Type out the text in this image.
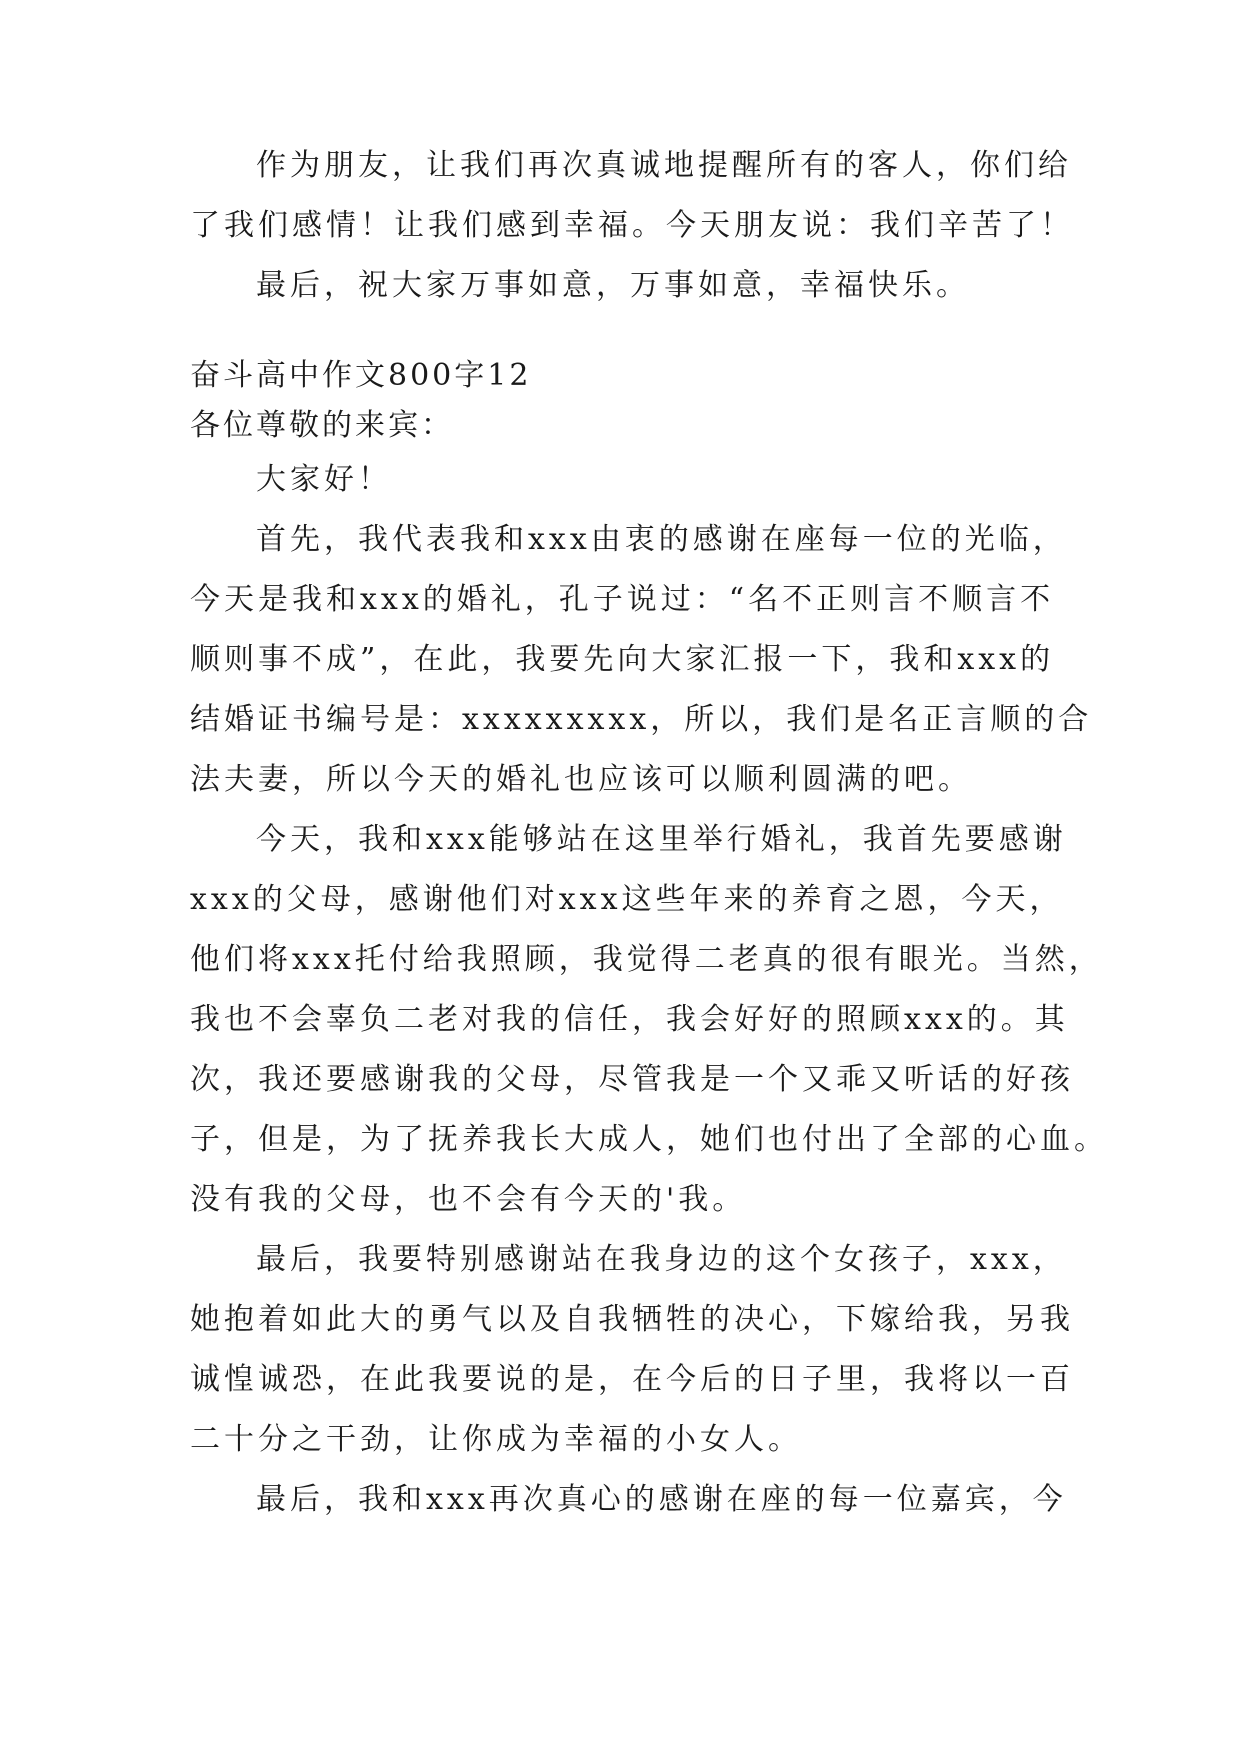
作为朋友，让我们再次真诚地提醒所有的客人，你们给
了我们感情！让我们感到幸福。今天朋友说：我们辛苦了！
最后，祝大家万事如意，万事如意，幸福快乐。
奋斗高中作文800字12
各位尊敬的来宾：
大家好！
首先，我代表我和xxx由衷的感谢在座每一位的光临，
今天是我和xxx的婚礼，孔子说过：“名不正则言不顺言不
顺则事不成”，在此，我要先向大家汇报一下，我和xxx的
结婚证书编号是：xxxxxxxxx，所以，我们是名正言顺的合
法夫妻，所以今天的婚礼也应该可以顺利圆满的吧。
今天，我和xxx能够站在这里举行婚礼，我首先要感谢
xxx的父母，感谢他们对xxx这些年来的养育之恩，今天，
他们将xxx托付给我照顾，我觉得二老真的很有眼光。当然，
我也不会辜负二老对我的信任，我会好好的照顾xxx的。其
次，我还要感谢我的父母，尽管我是一个又乖又听话的好孩
子，但是，为了抚养我长大成人，她们也付出了全部的心血。
没有我的父母，也不会有今天的'我。
最后，我要特别感谢站在我身边的这个女孩子，xxx，
她抱着如此大的勇气以及自我牺牲的决心，下嫁给我，另我
诚惶诚恐，在此我要说的是，在今后的日子里，我将以一百
二十分之干劲，让你成为幸福的小女人。
最后，我和xxx再次真心的感谢在座的每一位嘉宾，今
